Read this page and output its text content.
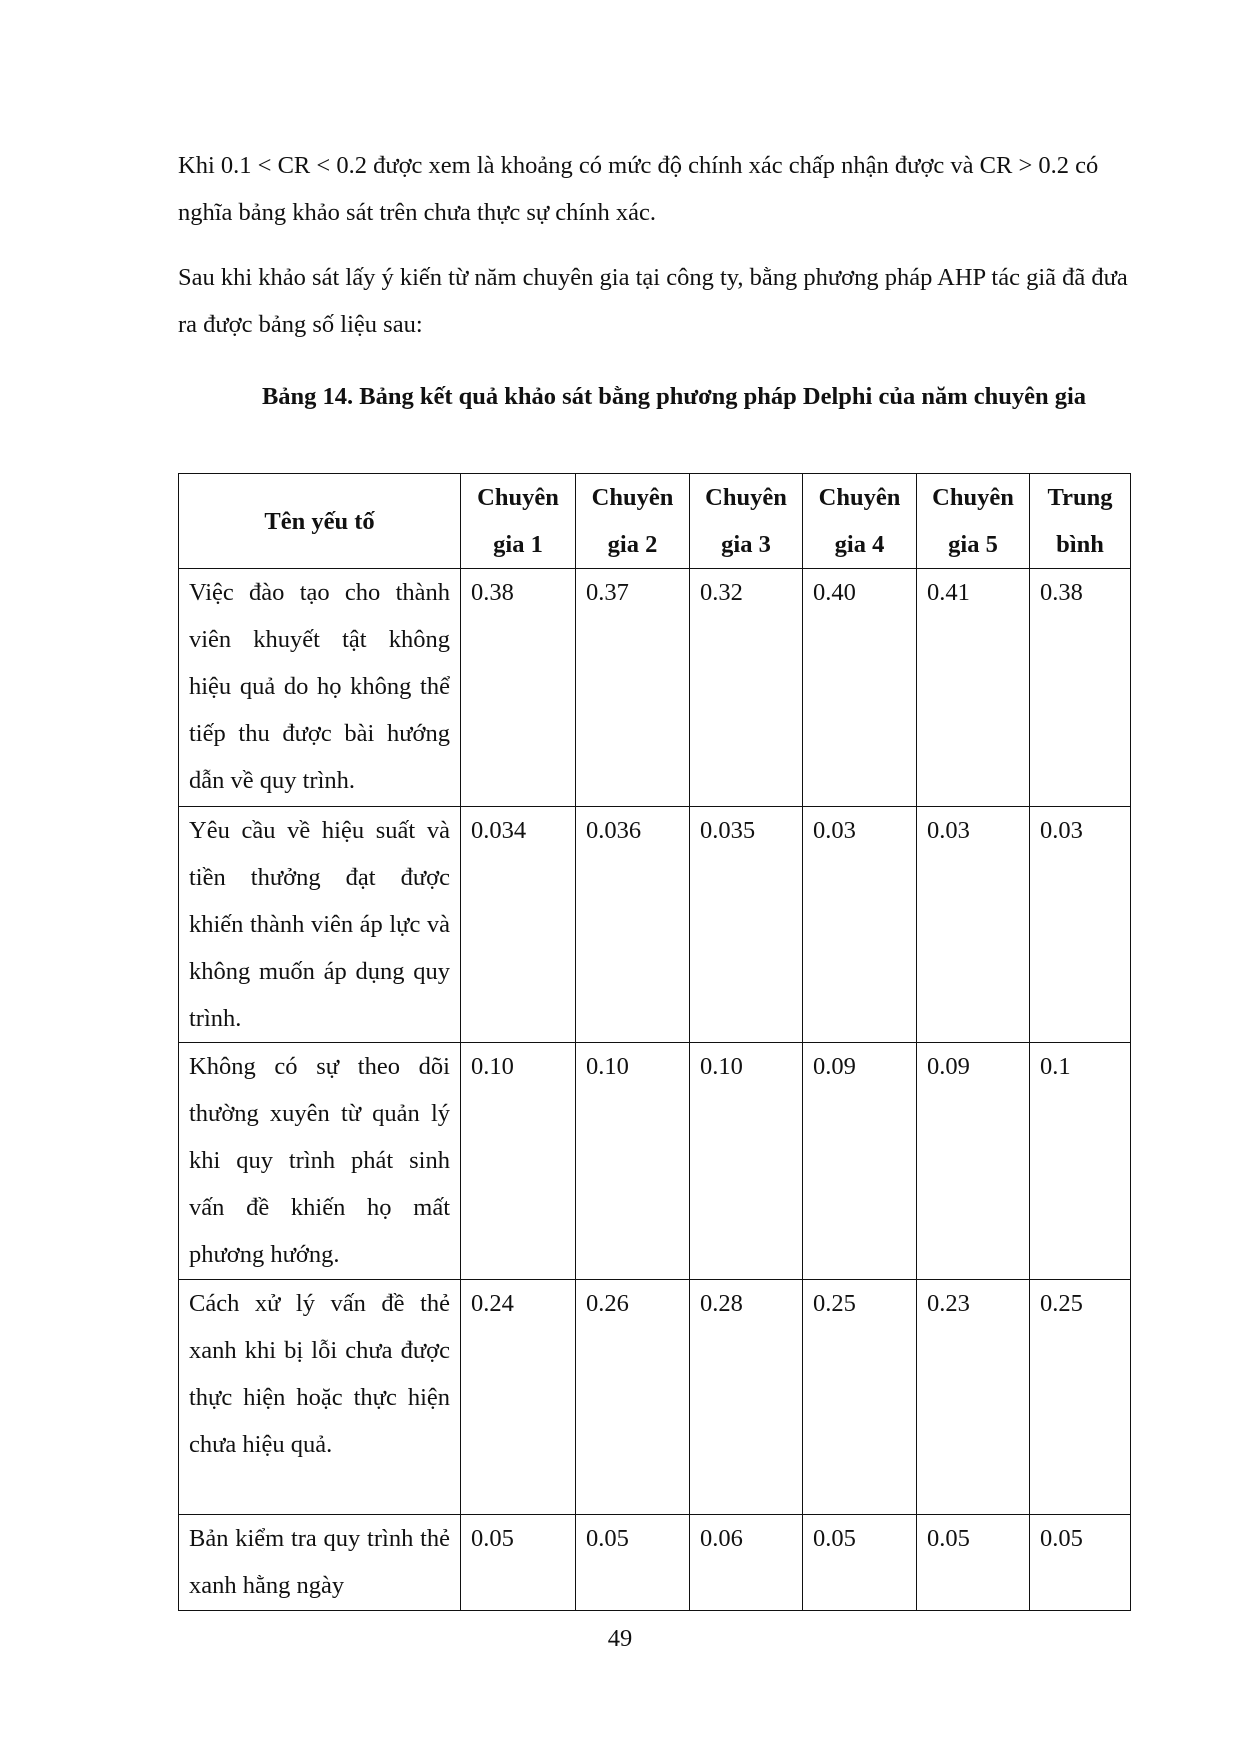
Khi 0.1 < CR < 0.2 được xem là khoảng có mức độ chính xác chấp nhận được và CR > 0.2 có nghĩa bảng khảo sát trên chưa thực sự chính xác.

Sau khi khảo sát lấy ý kiến từ năm chuyên gia tại công ty, bằng phương pháp AHP tác giã đã đưa ra được bảng số liệu sau:

Bảng 14. Bảng kết quả khảo sát bằng phương pháp Delphi của năm chuyên gia
Tên yếu tố	Chuyên gia 1	Chuyên gia 2	Chuyên gia 3	Chuyên gia 4	Chuyên gia 5	Trung bình
Việc đào tạo cho thành viên khuyết tật không hiệu quả do họ không thể tiếp thu được bài hướng dẫn về quy trình.	0.38	0.37	0.32	0.40	0.41	0.38
Yêu cầu về hiệu suất và tiền thưởng đạt được khiến thành viên áp lực và không muốn áp dụng quy trình.	0.034	0.036	0.035	0.03	0.03	0.03
Không có sự theo dõi thường xuyên từ quản lý khi quy trình phát sinh vấn đề khiến họ mất phương hướng.	0.10	0.10	0.10	0.09	0.09	0.1
Cách xử lý vấn đề thẻ xanh khi bị lỗi chưa được thực hiện hoặc thực hiện chưa hiệu quả.	0.24	0.26	0.28	0.25	0.23	0.25
Bản kiểm tra quy trình thẻ xanh hằng ngày	0.05	0.05	0.06	0.05	0.05	0.05
49
